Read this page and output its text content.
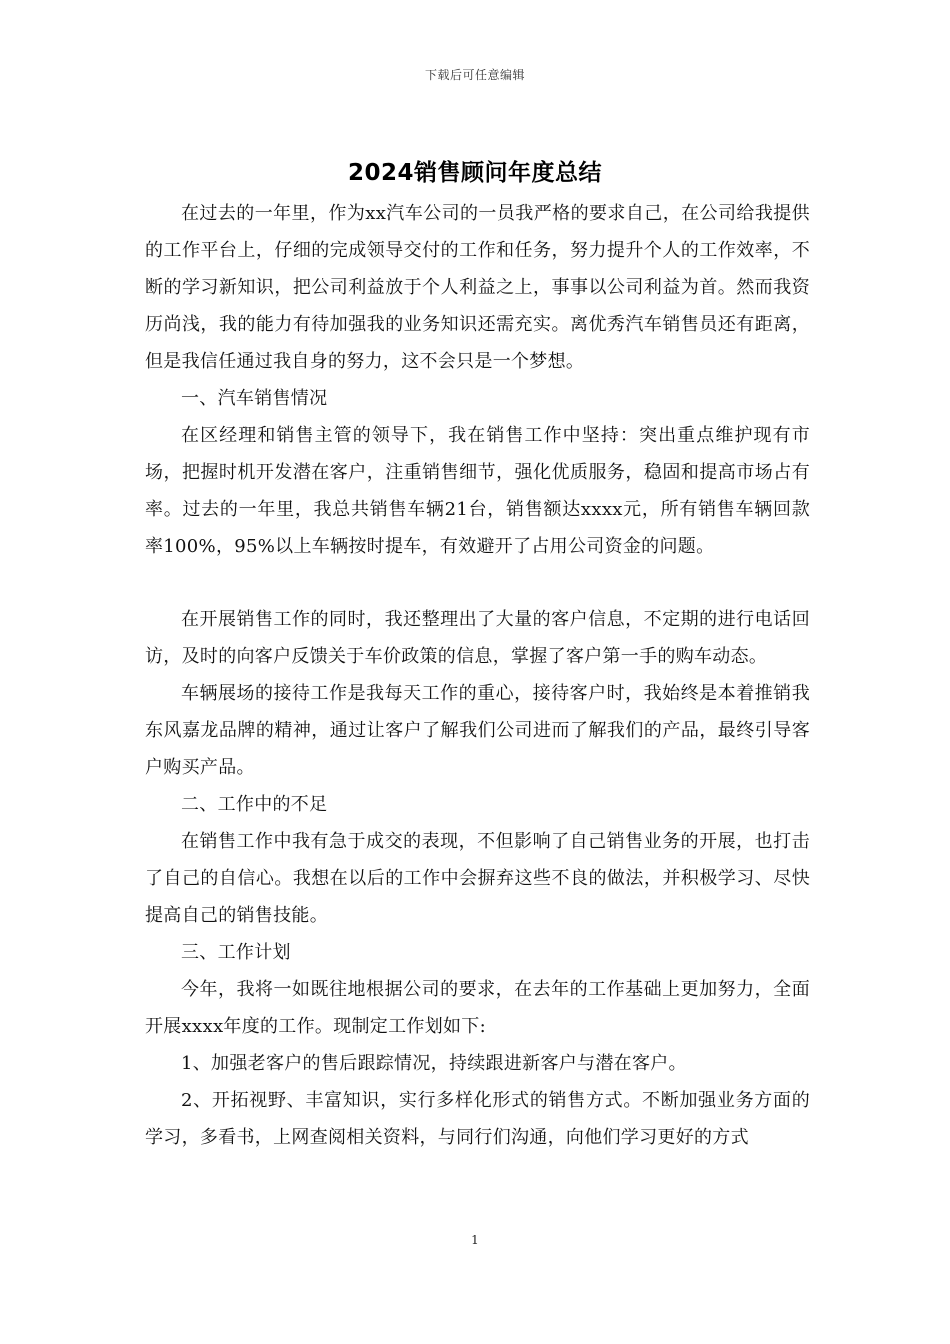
下载后可任意编辑
2024销售顾问年度总结

在过去的一年里，作为xx汽车公司的一员我严格的要求自己，在公司给我提供的工作平台上，仔细的完成领导交付的工作和任务，努力提升个人的工作效率，不断的学习新知识，把公司利益放于个人利益之上，事事以公司利益为首。然而我资历尚浅，我的能力有待加强我的业务知识还需充实。离优秀汽车销售员还有距离，但是我信任通过我自身的努力，这不会只是一个梦想。

一、汽车销售情况

在区经理和销售主管的领导下，我在销售工作中坚持：突出重点维护现有市场，把握时机开发潜在客户，注重销售细节，强化优质服务，稳固和提高市场占有率。过去的一年里，我总共销售车辆21台，销售额达xxxx元，所有销售车辆回款率100%，95%以上车辆按时提车，有效避开了占用公司资金的问题。

在开展销售工作的同时，我还整理出了大量的客户信息，不定期的进行电话回访，及时的向客户反馈关于车价政策的信息，掌握了客户第一手的购车动态。

车辆展场的接待工作是我每天工作的重心，接待客户时，我始终是本着推销我东风嘉龙品牌的精神，通过让客户了解我们公司进而了解我们的产品，最终引导客户购买产品。

二、工作中的不足

在销售工作中我有急于成交的表现，不但影响了自己销售业务的开展，也打击了自己的自信心。我想在以后的工作中会摒弃这些不良的做法，并积极学习、尽快提高自己的销售技能。

三、工作计划

今年，我将一如既往地根据公司的要求，在去年的工作基础上更加努力，全面开展xxxx年度的工作。现制定工作划如下:

1、加强老客户的售后跟踪情况，持续跟进新客户与潜在客户。

2、开拓视野、丰富知识，实行多样化形式的销售方式。不断加强业务方面的学习，多看书，上网查阅相关资料，与同行们沟通，向他们学习更好的方式

1
